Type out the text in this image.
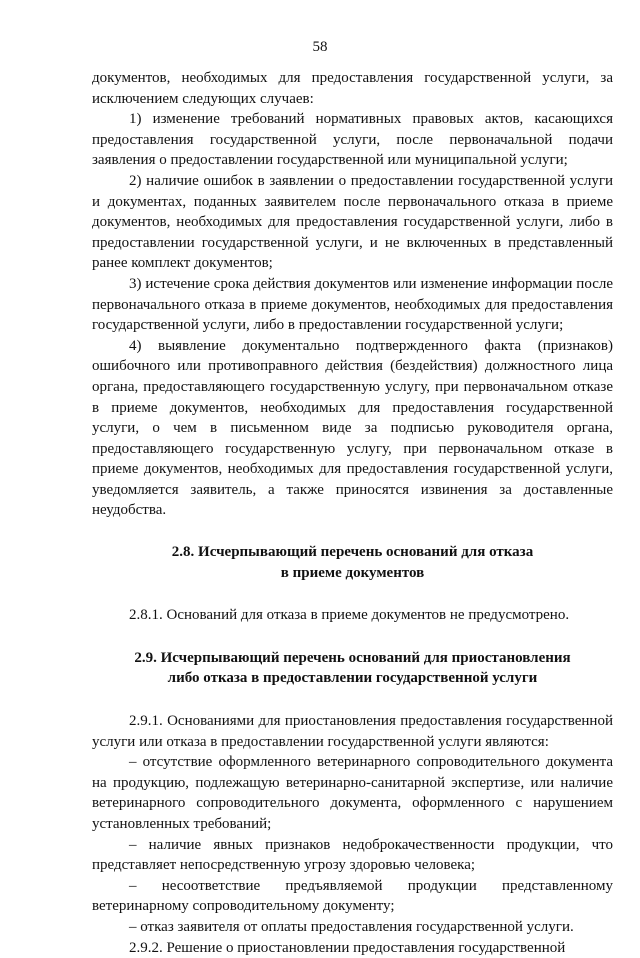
58

документов, необходимых для предоставления государственной услуги, за исключением следующих случаев:

1) изменение требований нормативных правовых актов, касающихся предоставления государственной услуги, после первоначальной подачи заявления о предоставлении государственной или муниципальной услуги;

2) наличие ошибок в заявлении о предоставлении государственной услуги и документах, поданных заявителем после первоначального отказа в приеме документов, необходимых для предоставления государственной услуги, либо в предоставлении государственной услуги, и не включенных в представленный ранее комплект документов;

3) истечение срока действия документов или изменение информации после первоначального отказа в приеме документов, необходимых для предоставления государственной услуги, либо в предоставлении государственной услуги;

4) выявление документально подтвержденного факта (признаков) ошибочного или противоправного действия (бездействия) должностного лица органа, предоставляющего государственную услугу, при первоначальном отказе в приеме документов, необходимых для предоставления государственной услуги, о чем в письменном виде за подписью руководителя органа, предоставляющего государственную услугу, при первоначальном отказе в приеме документов, необходимых для предоставления государственной услуги, уведомляется заявитель, а также приносятся извинения за доставленные неудобства.

2.8. Исчерпывающий перечень оснований для отказа
в приеме документов

2.8.1. Оснований для отказа в приеме документов не предусмотрено.

2.9. Исчерпывающий перечень оснований для приостановления
либо отказа в предоставлении государственной услуги

2.9.1. Основаниями для приостановления предоставления государственной услуги или отказа в предоставлении государственной услуги являются:

– отсутствие оформленного ветеринарного сопроводительного документа на продукцию, подлежащую ветеринарно-санитарной экспертизе, или наличие ветеринарного сопроводительного документа, оформленного с нарушением установленных требований;

– наличие явных признаков недоброкачественности продукции, что представляет непосредственную угрозу здоровью человека;

– несоответствие предъявляемой продукции представленному ветеринарному сопроводительному документу;

– отказ заявителя от оплаты предоставления государственной услуги.

2.9.2. Решение о приостановлении предоставления государственной
